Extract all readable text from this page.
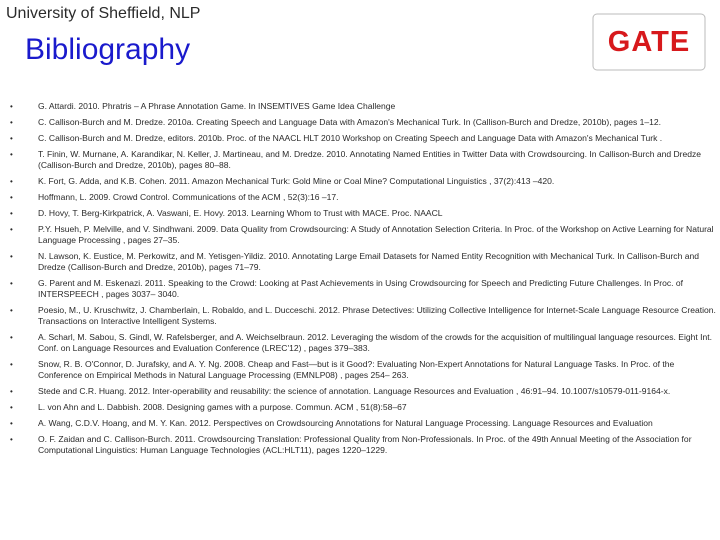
University of Sheffield, NLP
Bibliography	GATE
•	G. Attardi. 2010. Phratris – A Phrase Annotation Game. In INSEMTIVES Game Idea Challenge
•	C. Callison-Burch and M. Dredze. 2010a. Creating Speech and Language Data with Amazon's Mechanical Turk. In (Callison-Burch and Dredze, 2010b), pages 1–12.
•	C. Callison-Burch and M. Dredze, editors. 2010b. Proc. of the NAACL HLT 2010 Workshop on Creating Speech and Language Data with Amazon's Mechanical Turk .
•	T. Finin, W. Murnane, A. Karandikar, N. Keller, J. Martineau, and M. Dredze. 2010. Annotating Named Entities in Twitter Data with Crowdsourcing. In Callison-Burch and Dredze (Callison-Burch and Dredze, 2010b), pages 80–88.
•	K. Fort, G. Adda, and K.B. Cohen. 2011. Amazon Mechanical Turk: Gold Mine or Coal Mine? Computational Linguistics , 37(2):413 –420.
•	Hoffmann, L. 2009. Crowd Control. Communications of the ACM , 52(3):16 –17.
•	D. Hovy, T. Berg-Kirkpatrick, A. Vaswani, E. Hovy. 2013. Learning Whom to Trust with MACE. Proc. NAACL
•	P.Y. Hsueh, P. Melville, and V. Sindhwani. 2009. Data Quality from Crowdsourcing: A Study of Annotation Selection Criteria. In Proc. of the Workshop on Active Learning for Natural Language Processing , pages 27–35.
•	N. Lawson, K. Eustice, M. Perkowitz, and M. Yetisgen-Yildiz. 2010. Annotating Large Email Datasets for Named Entity Recognition with Mechanical Turk. In Callison-Burch and Dredze (Callison-Burch and Dredze, 2010b), pages 71–79.
•	G. Parent and M. Eskenazi. 2011. Speaking to the Crowd: Looking at Past Achievements in Using Crowdsourcing for Speech and Predicting Future Challenges. In Proc. of INTERSPEECH , pages 3037– 3040.
•	Poesio, M., U. Kruschwitz, J. Chamberlain, L. Robaldo, and L. Ducceschi. 2012. Phrase Detectives: Utilizing Collective Intelligence for Internet-Scale Language Resource Creation. Transactions on Interactive Intelligent Systems.
•	A. Scharl, M. Sabou, S. Gindl, W. Rafelsberger, and A. Weichselbraun. 2012. Leveraging the wisdom of the crowds for the acquisition of multilingual language resources. Eight Int. Conf. on Language Resources and Evaluation Conference (LREC'12) , pages 379–383.
•	Snow, R. B. O'Connor, D. Jurafsky, and A. Y. Ng. 2008. Cheap and Fast—but is it Good?: Evaluating Non-Expert Annotations for Natural Language Tasks. In Proc. of the Conference on Empirical Methods in Natural Language Processing (EMNLP08) , pages 254– 263.
•	Stede and C.R. Huang. 2012. Inter-operability and reusability: the science of annotation. Language Resources and Evaluation , 46:91–94. 10.1007/s10579-011-9164-x.
•	L. von Ahn and L. Dabbish. 2008. Designing games with a purpose. Commun. ACM , 51(8):58–67
•	A. Wang, C.D.V. Hoang, and M. Y. Kan. 2012. Perspectives on Crowdsourcing Annotations for Natural Language Processing. Language Resources and Evaluation
•	O. F. Zaidan and C. Callison-Burch. 2011. Crowdsourcing Translation: Professional Quality from Non-Professionals. In Proc. of the 49th Annual Meeting of the Association for Computational Linguistics: Human Language Technologies (ACL:HLT11), pages 1220–1229.
